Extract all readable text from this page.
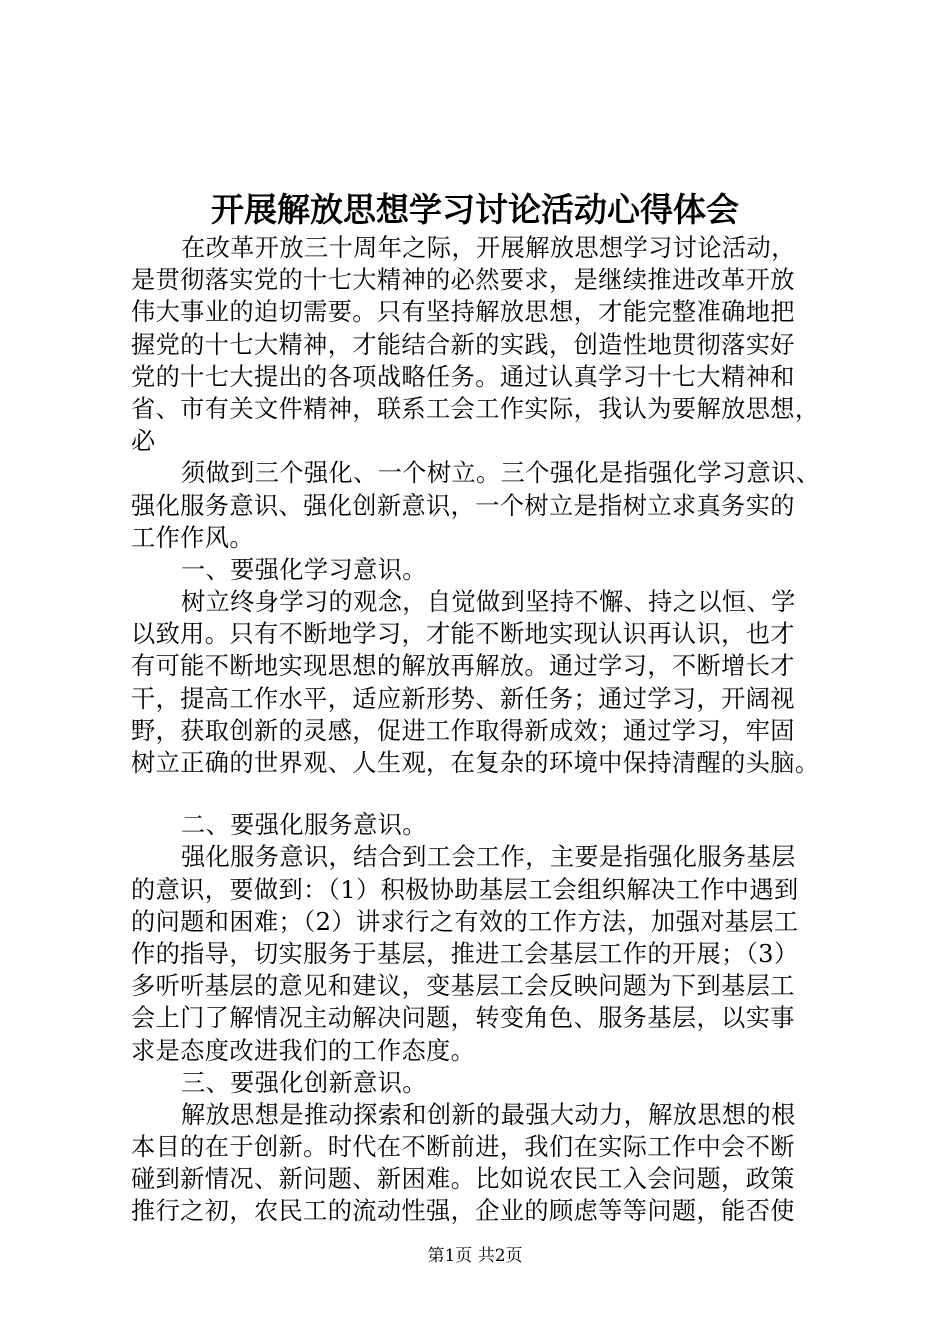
开展解放思想学习讨论活动心得体会
在改革开放三十周年之际，开展解放思想学习讨论活动，
是贯彻落实党的十七大精神的必然要求，是继续推进改革开放
伟大事业的迫切需要。只有坚持解放思想，才能完整准确地把
握党的十七大精神，才能结合新的实践，创造性地贯彻落实好
党的十七大提出的各项战略任务。通过认真学习十七大精神和
省、市有关文件精神，联系工会工作实际，我认为要解放思想，
必
须做到三个强化、一个树立。三个强化是指强化学习意识、
强化服务意识、强化创新意识，一个树立是指树立求真务实的
工作作风。
一、要强化学习意识。
树立终身学习的观念，自觉做到坚持不懈、持之以恒、学
以致用。只有不断地学习，才能不断地实现认识再认识，也才
有可能不断地实现思想的解放再解放。通过学习，不断增长才
干，提高工作水平，适应新形势、新任务；通过学习，开阔视
野，获取创新的灵感，促进工作取得新成效；通过学习，牢固
树立正确的世界观、人生观，在复杂的环境中保持清醒的头脑。
二、要强化服务意识。
强化服务意识，结合到工会工作，主要是指强化服务基层
的意识，要做到：（1）积极协助基层工会组织解决工作中遇到
的问题和困难；（2）讲求行之有效的工作方法，加强对基层工
作的指导，切实服务于基层，推进工会基层工作的开展；（3）
多听听基层的意见和建议，变基层工会反映问题为下到基层工
会上门了解情况主动解决问题，转变角色、服务基层，以实事
求是态度改进我们的工作态度。
三、要强化创新意识。
解放思想是推动探索和创新的最强大动力，解放思想的根
本目的在于创新。时代在不断前进，我们在实际工作中会不断
碰到新情况、新问题、新困难。比如说农民工入会问题，政策
推行之初，农民工的流动性强，企业的顾虑等等问题，能否使
第1页 共2页
